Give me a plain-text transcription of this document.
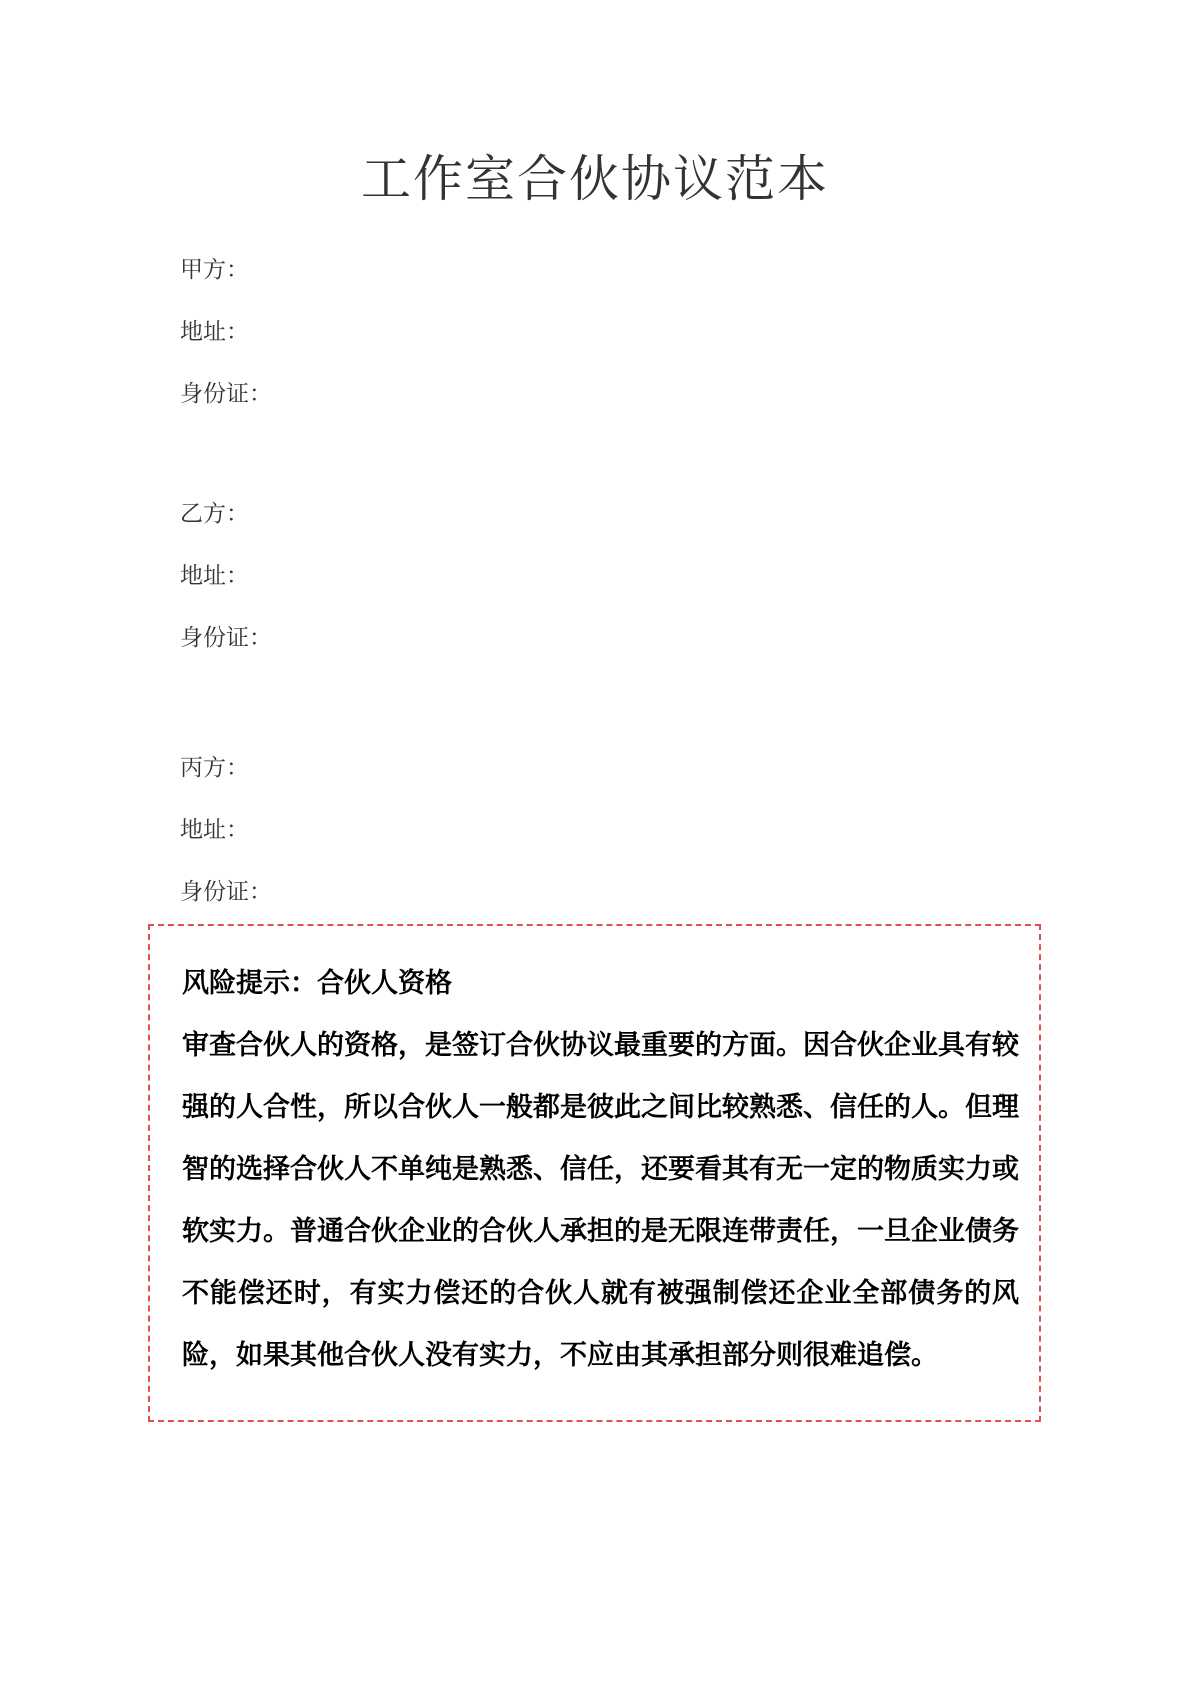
工作室合伙协议范本
甲方：
地址：
身份证：
乙方：
地址：
身份证：
丙方：
地址：
身份证：

风险提示：合伙人资格

审查合伙人的资格，是签订合伙协议最重要的方面。因合伙企业具有较强的人合性，所以合伙人一般都是彼此之间比较熟悉、信任的人。但理智的选择合伙人不单纯是熟悉、信任，还要看其有无一定的物质实力或软实力。普通合伙企业的合伙人承担的是无限连带责任，一旦企业债务不能偿还时，有实力偿还的合伙人就有被强制偿还企业全部债务的风险，如果其他合伙人没有实力，不应由其承担部分则很难追偿。
